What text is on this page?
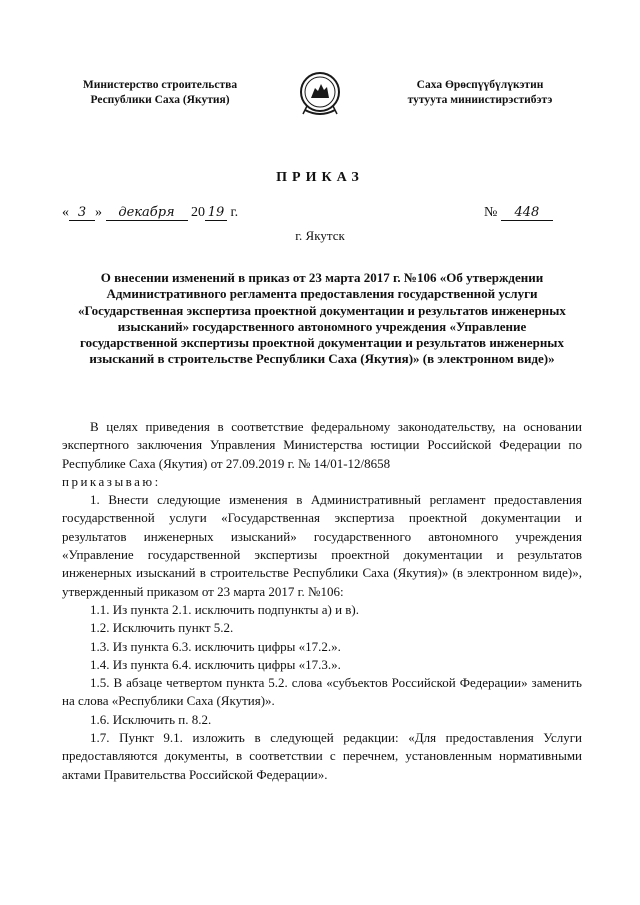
Министерство строительства
Республики Саха (Якутия)
Саха Өрөспүүбүлүкэтин
тутуута миниистирэстибэтэ
ПРИКАЗ
« 3 » декабря 20 19 г.	№ 448
г. Якутск
О внесении изменений в приказ от 23 марта 2017 г. №106 «Об утверждении Административного регламента предоставления государственной услуги «Государственная экспертиза проектной документации и результатов инженерных изысканий» государственного автономного учреждения «Управление государственной экспертизы проектной документации и результатов инженерных изысканий в строительстве Республики Саха (Якутия)» (в электронном виде)»

В целях приведения в соответствие федеральному законодательству, на основании экспертного заключения Управления Министерства юстиции Российской Федерации по Республике Саха (Якутия) от 27.09.2019 г. № 14/01-12/8658

приказываю:

1. Внести следующие изменения в Административный регламент предоставления государственной услуги «Государственная экспертиза проектной документации и результатов инженерных изысканий» государственного автономного учреждения «Управление государственной экспертизы проектной документации и результатов инженерных изысканий в строительстве Республики Саха (Якутия)» (в электронном виде)», утвержденный приказом от 23 марта 2017 г. №106:

1.1. Из пункта 2.1. исключить подпункты а) и в).

1.2. Исключить пункт 5.2.

1.3. Из пункта 6.3. исключить цифры «17.2.».

1.4. Из пункта 6.4. исключить цифры «17.3.».

1.5. В абзаце четвертом пункта 5.2. слова «субъектов Российской Федерации» заменить на слова «Республики Саха (Якутия)».

1.6. Исключить п. 8.2.

1.7. Пункт 9.1. изложить в следующей редакции: «Для предоставления Услуги предоставляются документы, в соответствии с перечнем, установленным нормативными актами Правительства Российской Федерации».
